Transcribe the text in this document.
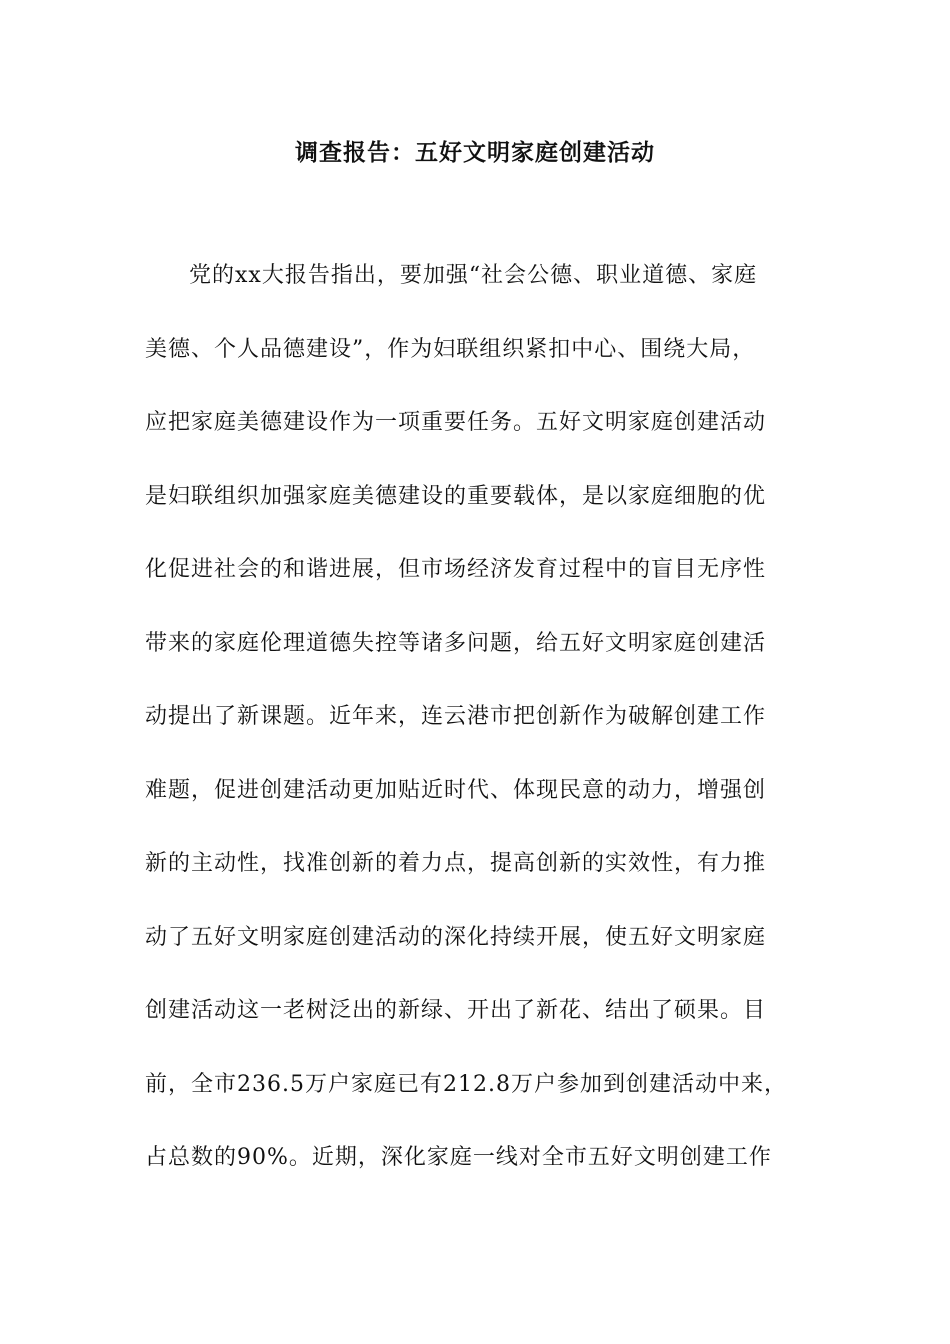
调查报告：五好文明家庭创建活动
党的xx大报告指出，要加强“社会公德、职业道德、家庭
美德、个人品德建设”，作为妇联组织紧扣中心、围绕大局，
应把家庭美德建设作为一项重要任务。五好文明家庭创建活动
是妇联组织加强家庭美德建设的重要载体，是以家庭细胞的优
化促进社会的和谐进展，但市场经济发育过程中的盲目无序性
带来的家庭伦理道德失控等诸多问题，给五好文明家庭创建活
动提出了新课题。近年来，连云港市把创新作为破解创建工作
难题，促进创建活动更加贴近时代、体现民意的动力，增强创
新的主动性，找准创新的着力点，提高创新的实效性，有力推
动了五好文明家庭创建活动的深化持续开展，使五好文明家庭
创建活动这一老树泛出的新绿、开出了新花、结出了硕果。目
前，全市236.5万户家庭已有212.8万户参加到创建活动中来，
占总数的90%。近期，深化家庭一线对全市五好文明创建工作
